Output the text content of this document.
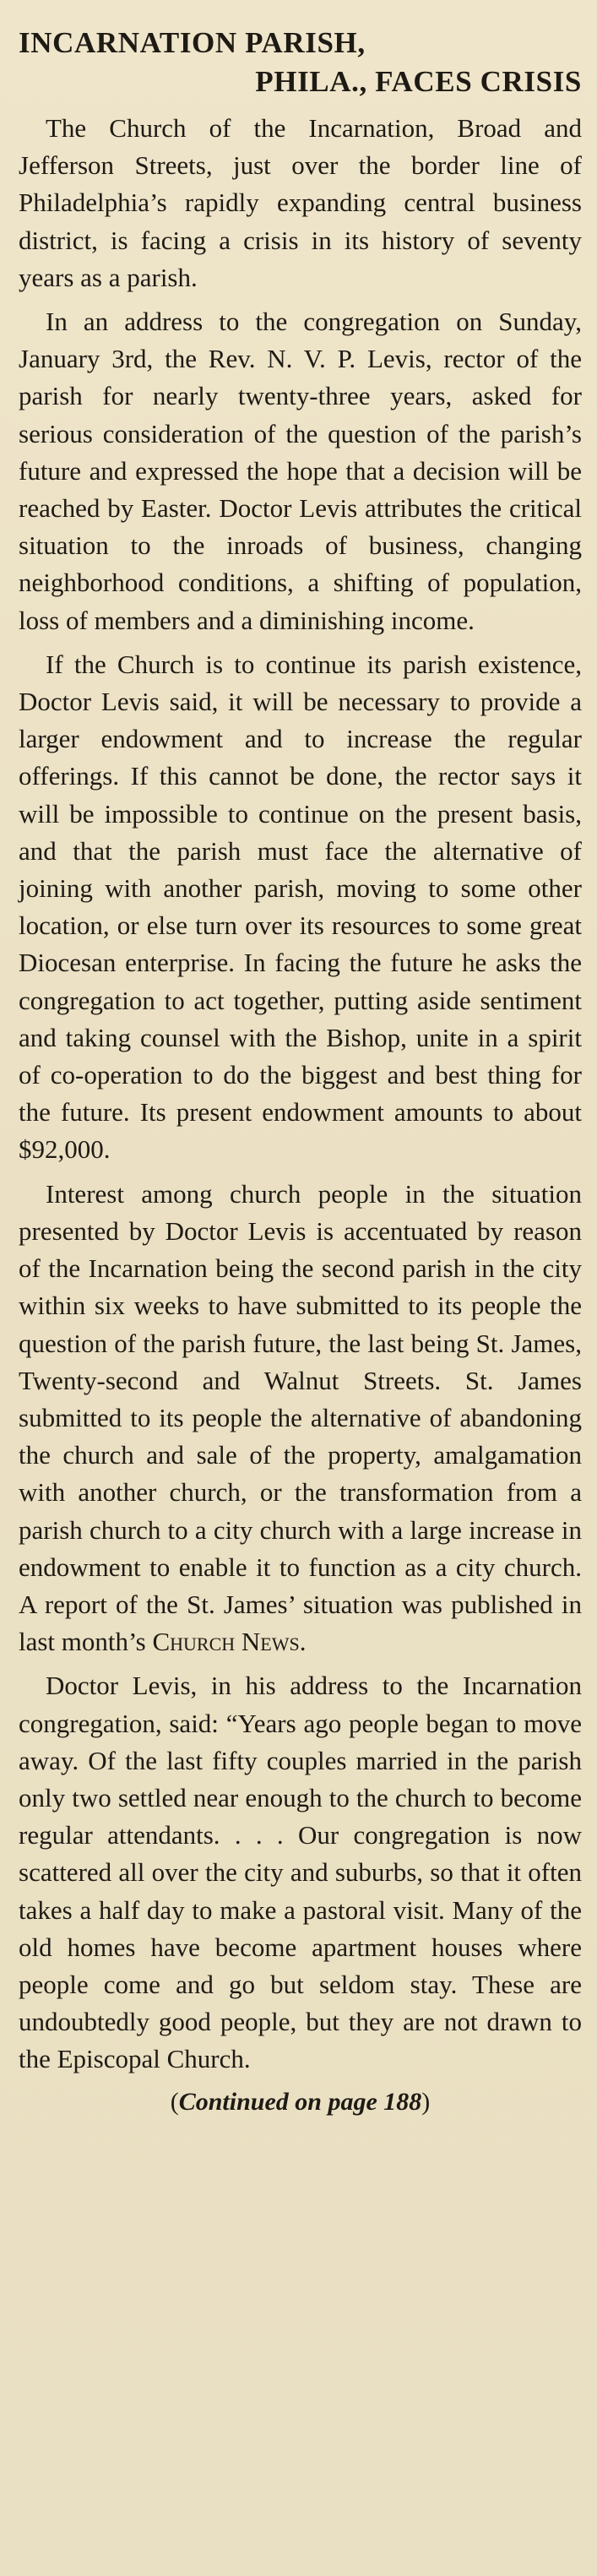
INCARNATION PARISH,
PHILA., FACES CRISIS

The Church of the Incarnation, Broad and Jefferson Streets, just over the border line of Philadelphia’s rapidly expanding central business district, is facing a crisis in its history of seventy years as a parish.

In an address to the congregation on Sunday, January 3rd, the Rev. N. V. P. Levis, rector of the parish for nearly twenty-three years, asked for serious consideration of the question of the parish’s future and expressed the hope that a decision will be reached by Easter. Doctor Levis attributes the critical situation to the inroads of business, changing neighborhood conditions, a shifting of population, loss of members and a diminishing income.

If the Church is to continue its parish existence, Doctor Levis said, it will be necessary to provide a larger endowment and to increase the regular offerings. If this cannot be done, the rector says it will be impossible to continue on the present basis, and that the parish must face the alternative of joining with another parish, moving to some other location, or else turn over its resources to some great Diocesan enterprise. In facing the future he asks the congregation to act together, putting aside sentiment and taking counsel with the Bishop, unite in a spirit of co-operation to do the biggest and best thing for the future. Its present endowment amounts to about $92,000.

Interest among church people in the situation presented by Doctor Levis is accentuated by reason of the Incarnation being the second parish in the city within six weeks to have submitted to its people the question of the parish future, the last being St. James, Twenty-second and Walnut Streets. St. James submitted to its people the alternative of abandoning the church and sale of the property, amalgamation with another church, or the transformation from a parish church to a city church with a large increase in endowment to enable it to function as a city church. A report of the St. James’ situation was published in last month’s Church News.

Doctor Levis, in his address to the Incarnation congregation, said: “Years ago people began to move away. Of the last fifty couples married in the parish only two settled near enough to the church to become regular attendants. . . . Our congregation is now scattered all over the city and suburbs, so that it often takes a half day to make a pastoral visit. Many of the old homes have become apartment houses where people come and go but seldom stay. These are undoubtedly good people, but they are not drawn to the Episcopal Church.

(Continued on page 188)
